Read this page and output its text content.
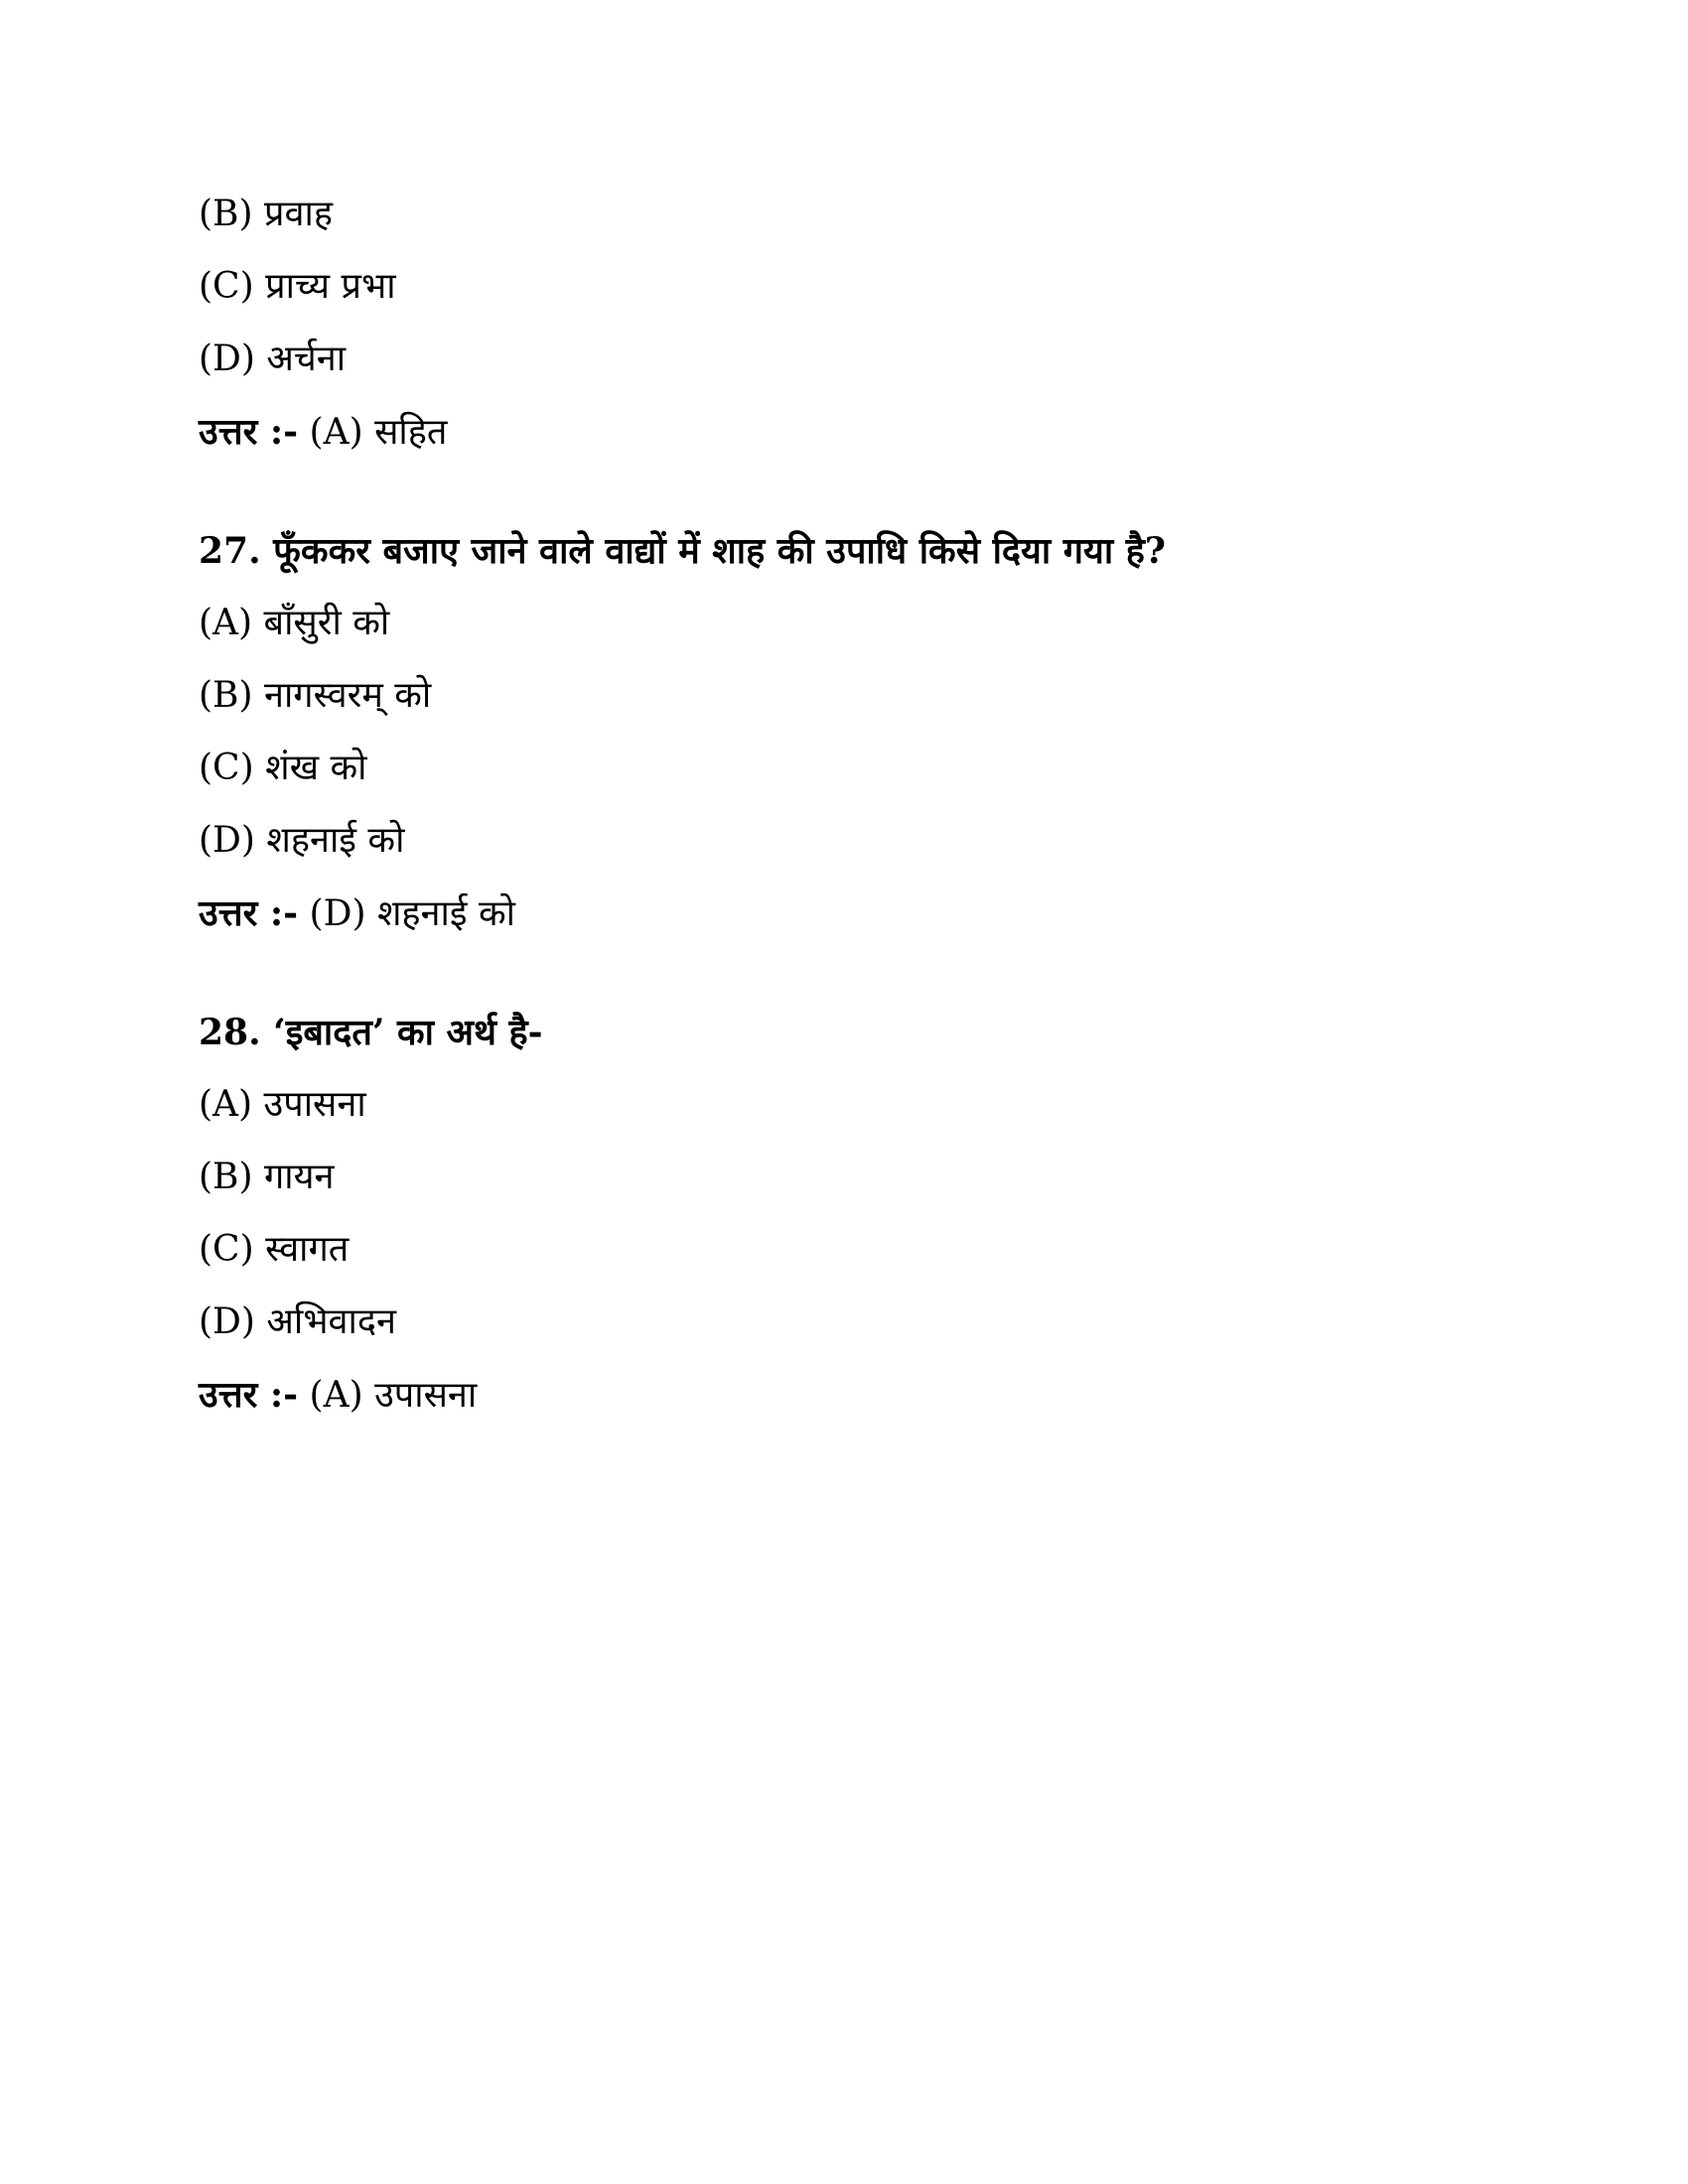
(B) प्रवाह
(C) प्राच्य प्रभा
(D) अर्चना
उत्तर :- (A) सहित
27. फूँककर बजाए जाने वाले वाद्यों में शाह की उपाधि किसे दिया गया है?
(A) बाँसुरी को
(B) नागस्वरम् को
(C) शंख को
(D) शहनाई को
उत्तर :- (D) शहनाई को
28. ‘इबादत’ का अर्थ है-
(A) उपासना
(B) गायन
(C) स्वागत
(D) अभिवादन
उत्तर :- (A) उपासना
